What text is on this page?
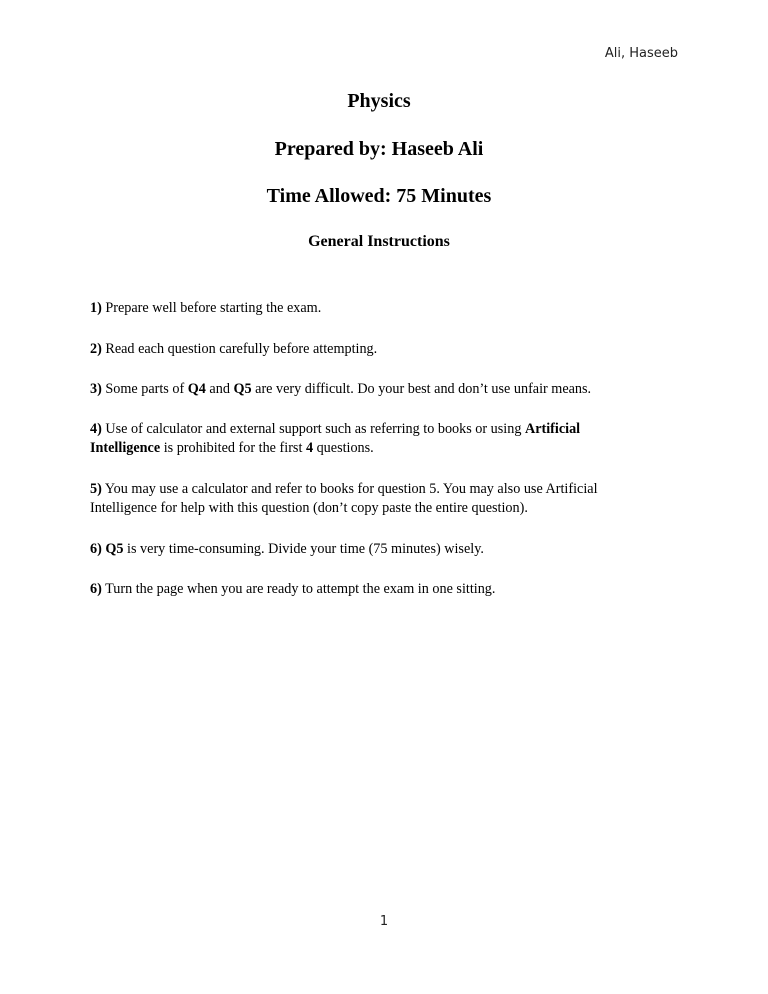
Ali, Haseeb
Physics
Prepared by: Haseeb Ali
Time Allowed: 75 Minutes
General Instructions
1) Prepare well before starting the exam.
2) Read each question carefully before attempting.
3) Some parts of Q4 and Q5 are very difficult. Do your best and don’t use unfair means.
4) Use of calculator and external support such as referring to books or using Artificial Intelligence is prohibited for the first 4 questions.
5) You may use a calculator and refer to books for question 5. You may also use Artificial Intelligence for help with this question (don’t copy paste the entire question).
6) Q5 is very time-consuming. Divide your time (75 minutes) wisely.
6) Turn the page when you are ready to attempt the exam in one sitting.
1
